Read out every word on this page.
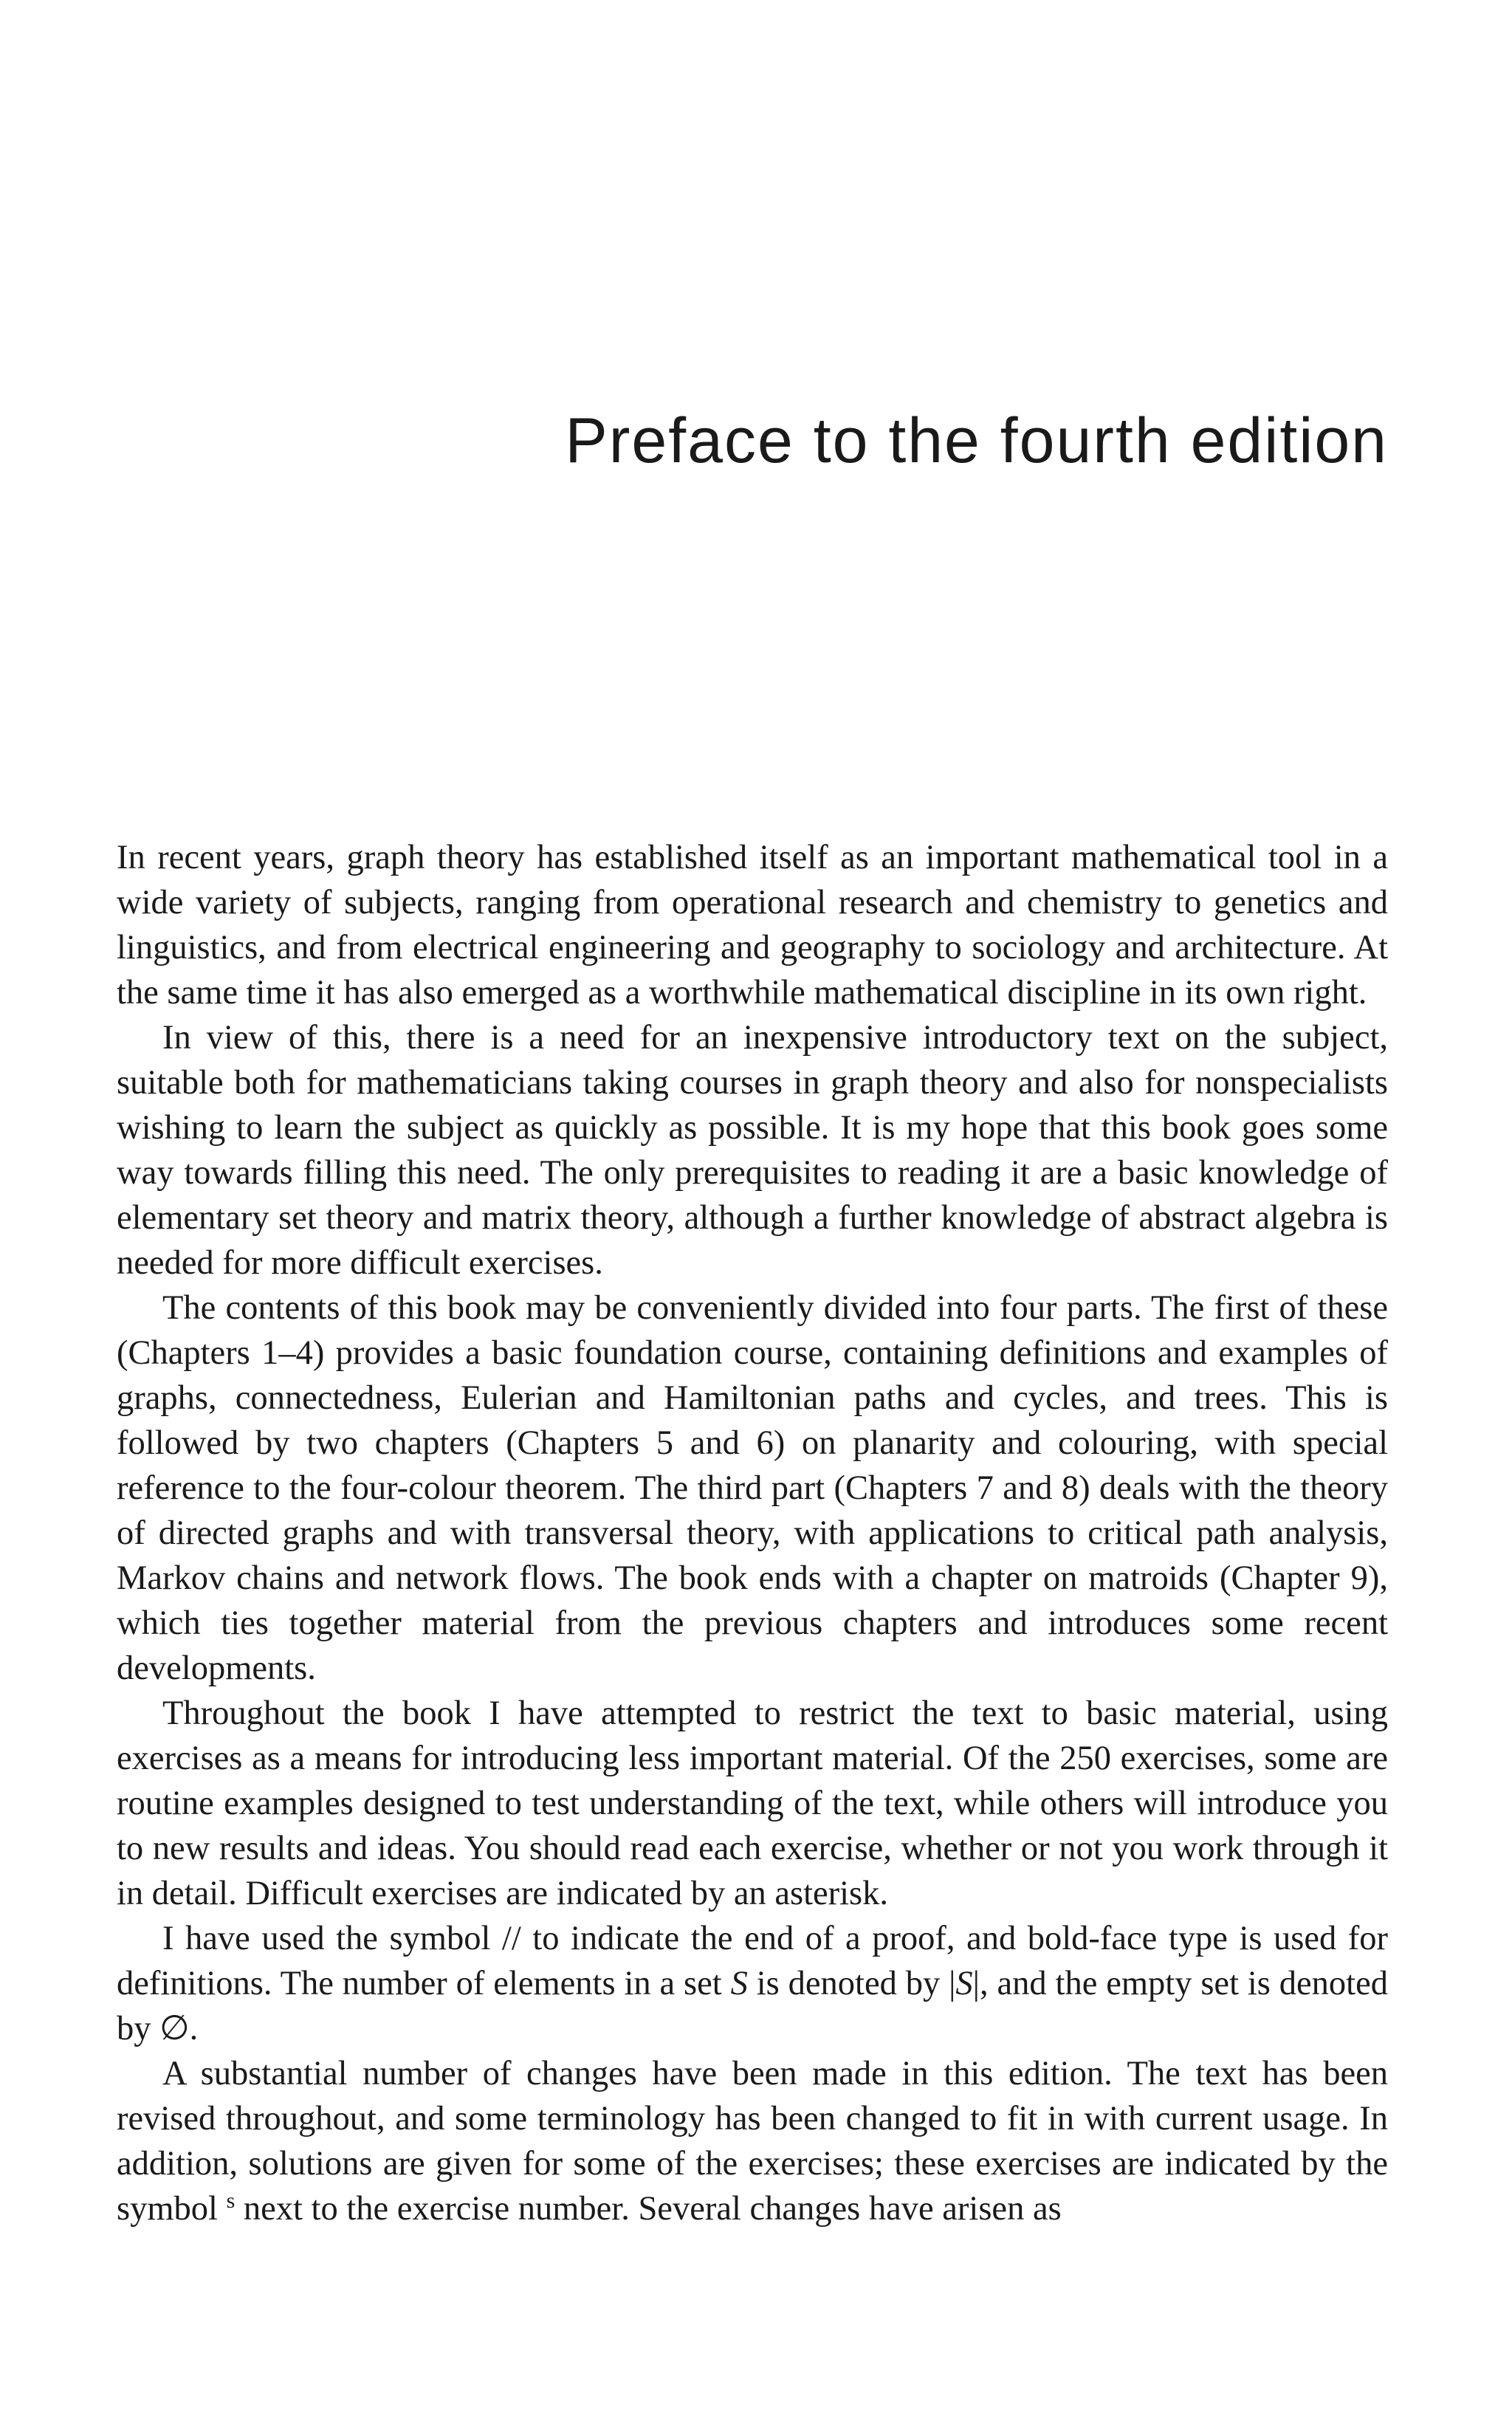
Preface to the fourth edition

In recent years, graph theory has established itself as an important mathematical tool in a wide variety of subjects, ranging from operational research and chemistry to genetics and linguistics, and from electrical engineering and geography to sociology and architecture. At the same time it has also emerged as a worthwhile mathematical discipline in its own right.

In view of this, there is a need for an inexpensive introductory text on the subject, suitable both for mathematicians taking courses in graph theory and also for nonspecialists wishing to learn the subject as quickly as possible. It is my hope that this book goes some way towards filling this need. The only prerequisites to reading it are a basic knowledge of elementary set theory and matrix theory, although a further knowledge of abstract algebra is needed for more difficult exercises.

The contents of this book may be conveniently divided into four parts. The first of these (Chapters 1–4) provides a basic foundation course, containing definitions and examples of graphs, connectedness, Eulerian and Hamiltonian paths and cycles, and trees. This is followed by two chapters (Chapters 5 and 6) on planarity and colouring, with special reference to the four-colour theorem. The third part (Chapters 7 and 8) deals with the theory of directed graphs and with transversal theory, with applications to critical path analysis, Markov chains and network flows. The book ends with a chapter on matroids (Chapter 9), which ties together material from the previous chapters and introduces some recent developments.

Throughout the book I have attempted to restrict the text to basic material, using exercises as a means for introducing less important material. Of the 250 exercises, some are routine examples designed to test understanding of the text, while others will introduce you to new results and ideas. You should read each exercise, whether or not you work through it in detail. Difficult exercises are indicated by an asterisk.

I have used the symbol // to indicate the end of a proof, and bold-face type is used for definitions. The number of elements in a set S is denoted by |S|, and the empty set is denoted by ∅.

A substantial number of changes have been made in this edition. The text has been revised throughout, and some terminology has been changed to fit in with current usage. In addition, solutions are given for some of the exercises; these exercises are indicated by the symbol $^s$ next to the exercise number. Several changes have arisen as
